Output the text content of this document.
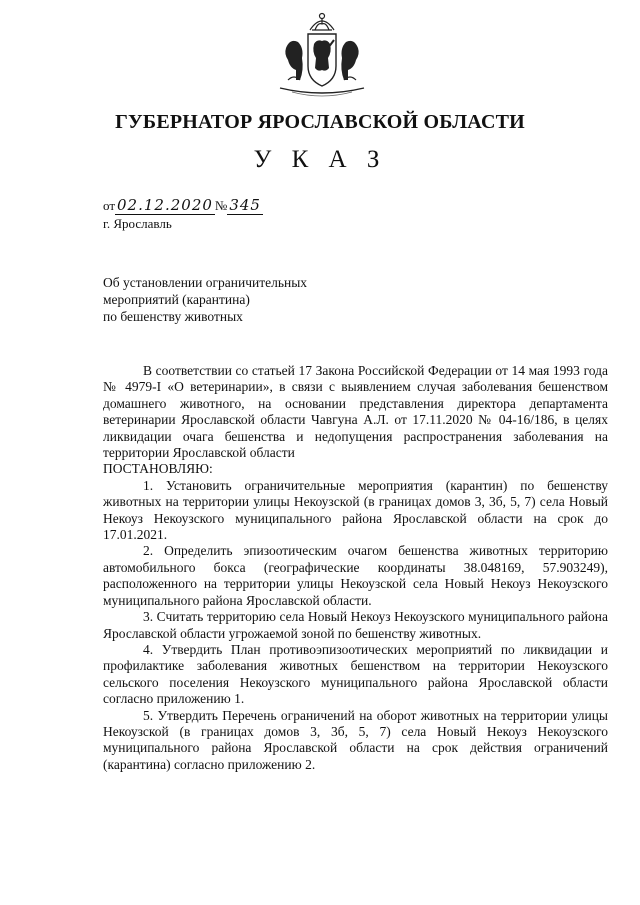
ГУБЕРНАТОР ЯРОСЛАВСКОЙ ОБЛАСТИ
У К А З
от 02.12.2020 № 345
г. Ярославль
Об установлении ограничительных
мероприятий (карантина)
по бешенству животных

В соответствии со статьей 17 Закона Российской Федерации от 14 мая 1993 года № 4979-I «О ветеринарии», в связи с выявлением случая заболевания бешенством домашнего животного, на основании представления директора департамента ветеринарии Ярославской области Чавгуна А.Л. от 17.11.2020 № 04-16/186, в целях ликвидации очага бешенства и недопущения распространения заболевания на территории Ярославской области

ПОСТАНОВЛЯЮ:

1. Установить ограничительные мероприятия (карантин) по бешенству животных на территории улицы Некоузской (в границах домов 3, 3б, 5, 7) села Новый Некоуз Некоузского муниципального района Ярославской области на срок до 17.01.2021.

2. Определить эпизоотическим очагом бешенства животных территорию автомобильного бокса (географические координаты 38.048169, 57.903249), расположенного на территории улицы Некоузской села Новый Некоуз Некоузского муниципального района Ярославской области.

3. Считать территорию села Новый Некоуз Некоузского муниципального района Ярославской области угрожаемой зоной по бешенству животных.

4. Утвердить План противоэпизоотических мероприятий по ликвидации и профилактике заболевания животных бешенством на территории Некоузского сельского поселения Некоузского муниципального района Ярославской области согласно приложению 1.

5. Утвердить Перечень ограничений на оборот животных на территории улицы Некоузской (в границах домов 3, 3б, 5, 7) села Новый Некоуз Некоузского муниципального района Ярославской области на срок действия ограничений (карантина) согласно приложению 2.
